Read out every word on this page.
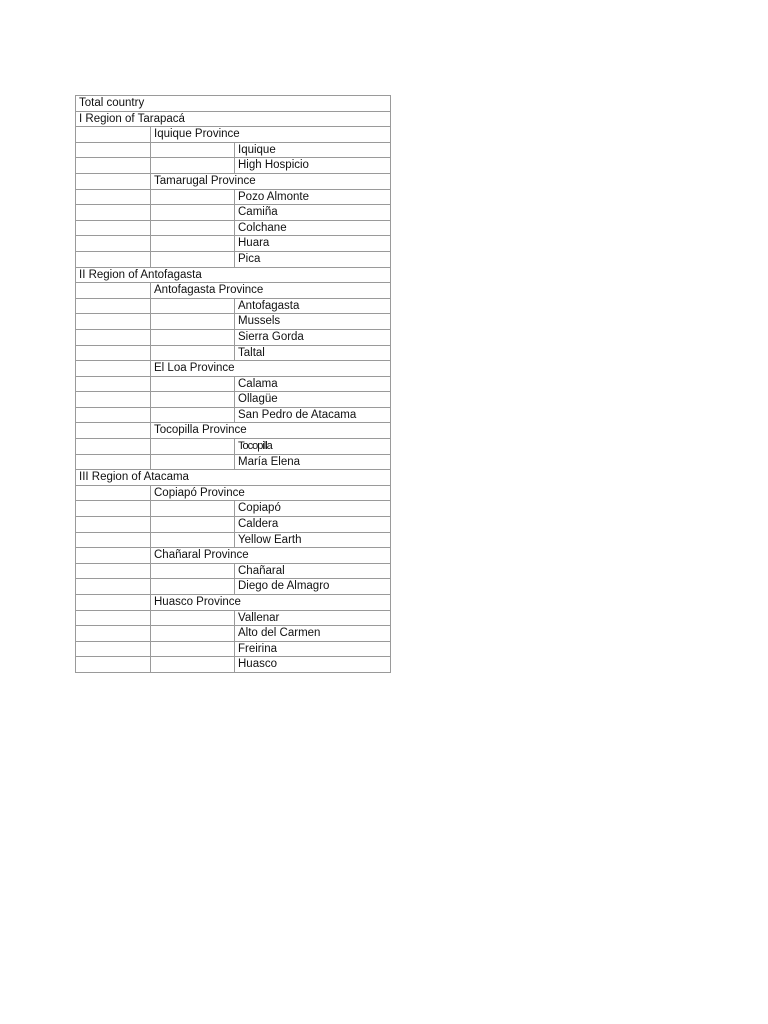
Total country
I Region of Tarapacá
Iquique Province
Iquique
High Hospicio
Tamarugal Province
Pozo Almonte
Camiña
Colchane
Huara
Pica
II Region of Antofagasta
Antofagasta Province
Antofagasta
Mussels
Sierra Gorda
Taltal
El Loa Province
Calama
Ollagüe
San Pedro de Atacama
Tocopilla Province
Tocopilla
María Elena
III Region of Atacama
Copiapó Province
Copiapó
Caldera
Yellow Earth
Chañaral Province
Chañaral
Diego de Almagro
Huasco Province
Vallenar
Alto del Carmen
Freirina
Huasco
